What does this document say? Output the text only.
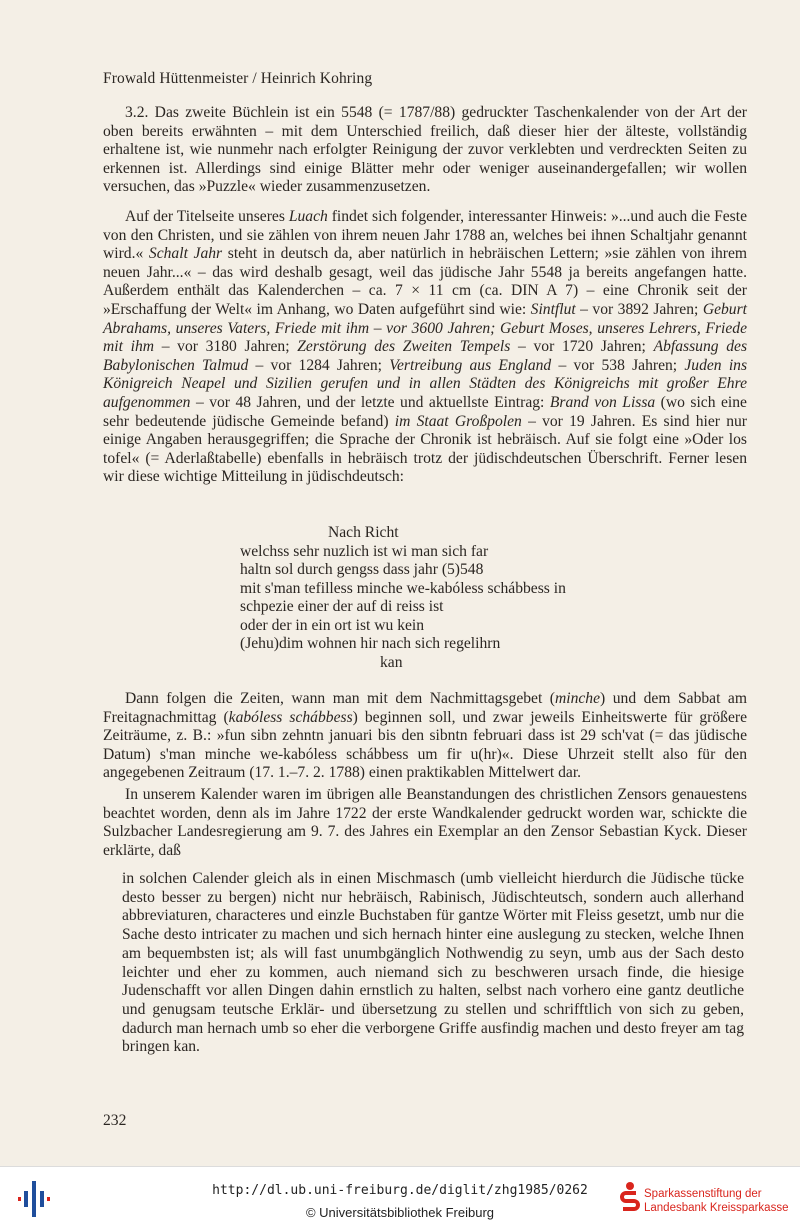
Frowald Hüttenmeister / Heinrich Kohring

3.2. Das zweite Büchlein ist ein 5548 (= 1787/88) gedruckter Taschenkalender von der Art der oben bereits erwähnten – mit dem Unterschied freilich, daß dieser hier der älteste, vollständig erhaltene ist, wie nunmehr nach erfolgter Reinigung der zuvor verklebten und verdreckten Seiten zu erkennen ist. Allerdings sind einige Blätter mehr oder weniger auseinandergefallen; wir wollen versuchen, das »Puzzle« wieder zusammenzusetzen.

Auf der Titelseite unseres Luach findet sich folgender, interessanter Hinweis: »...und auch die Feste von den Christen, und sie zählen von ihrem neuen Jahr 1788 an, welches bei ihnen Schaltjahr genannt wird.« Schalt Jahr steht in deutsch da, aber natürlich in hebräischen Lettern; »sie zählen von ihrem neuen Jahr...« – das wird deshalb gesagt, weil das jüdische Jahr 5548 ja bereits angefangen hatte. Außerdem enthält das Kalenderchen – ca. 7 × 11 cm (ca. DIN A 7) – eine Chronik seit der »Erschaffung der Welt« im Anhang, wo Daten aufgeführt sind wie: Sintflut – vor 3892 Jahren; Geburt Abrahams, unseres Vaters, Friede mit ihm – vor 3600 Jahren; Geburt Moses, unseres Lehrers, Friede mit ihm – vor 3180 Jahren; Zerstörung des Zweiten Tempels – vor 1720 Jahren; Abfassung des Babylonischen Talmud – vor 1284 Jahren; Vertreibung aus England – vor 538 Jahren; Juden ins Königreich Neapel und Sizilien gerufen und in allen Städten des Königreichs mit großer Ehre aufgenommen – vor 48 Jahren, und der letzte und aktuellste Eintrag: Brand von Lissa (wo sich eine sehr bedeutende jüdische Gemeinde befand) im Staat Großpolen – vor 19 Jahren. Es sind hier nur einige Angaben herausgegriffen; die Sprache der Chronik ist hebräisch. Auf sie folgt eine »Oder los tofel« (= Aderlaßtabelle) ebenfalls in hebräisch trotz der jüdischdeutschen Überschrift. Ferner lesen wir diese wichtige Mitteilung in jüdischdeutsch:

Nach Richt
welchss sehr nuzlich ist wi man sich far
haltn sol durch gengss dass jahr (5)548
mit s'man tefilless minche we-kabóless schábbess in
schpezie einer der auf di reiss ist
oder der in ein ort ist wu kein
(Jehu)dim wohnen hir nach sich regelihrn
kan

Dann folgen die Zeiten, wann man mit dem Nachmittagsgebet (minche) und dem Sabbat am Freitagnachmittag (kabóless schábbess) beginnen soll, und zwar jeweils Einheitswerte für größere Zeiträume, z. B.: »fun sibn zehntn januari bis den sibntn februari dass ist 29 sch'vat (= das jüdische Datum) s'man minche we-kabóless schábbess um fir u(hr)«. Diese Uhrzeit stellt also für den angegebenen Zeitraum (17. 1.–7. 2. 1788) einen praktikablen Mittelwert dar.

In unserem Kalender waren im übrigen alle Beanstandungen des christlichen Zensors genauestens beachtet worden, denn als im Jahre 1722 der erste Wandkalender gedruckt worden war, schickte die Sulzbacher Landesregierung am 9. 7. des Jahres ein Exemplar an den Zensor Sebastian Kyck. Dieser erklärte, daß

in solchen Calender gleich als in einen Mischmasch (umb vielleicht hierdurch die Jüdische tücke desto besser zu bergen) nicht nur hebräisch, Rabinisch, Jüdischteutsch, sondern auch allerhand abbreviaturen, characteres und einzle Buchstaben für gantze Wörter mit Fleiss gesetzt, umb nur die Sache desto intricater zu machen und sich hernach hinter eine auslegung zu stecken, welche Ihnen am bequembsten ist; als will fast unumbgänglich Nothwendig zu seyn, umb aus der Sach desto leichter und eher zu kommen, auch niemand sich zu beschweren ursach finde, die hiesige Judenschafft vor allen Dingen dahin ernstlich zu halten, selbst nach vorhero eine gantz deutliche und genugsam teutsche Erklär- und übersetzung zu stellen und schrifftlich von sich zu geben, dadurch man hernach umb so eher die verborgene Griffe ausfindig machen und desto freyer am tag bringen kan.

232
http://dl.ub.uni-freiburg.de/diglit/zhg1985/0262
© Universitätsbibliothek Freiburg
Sparkassenstiftung der
Landesbank Kreissparkasse
